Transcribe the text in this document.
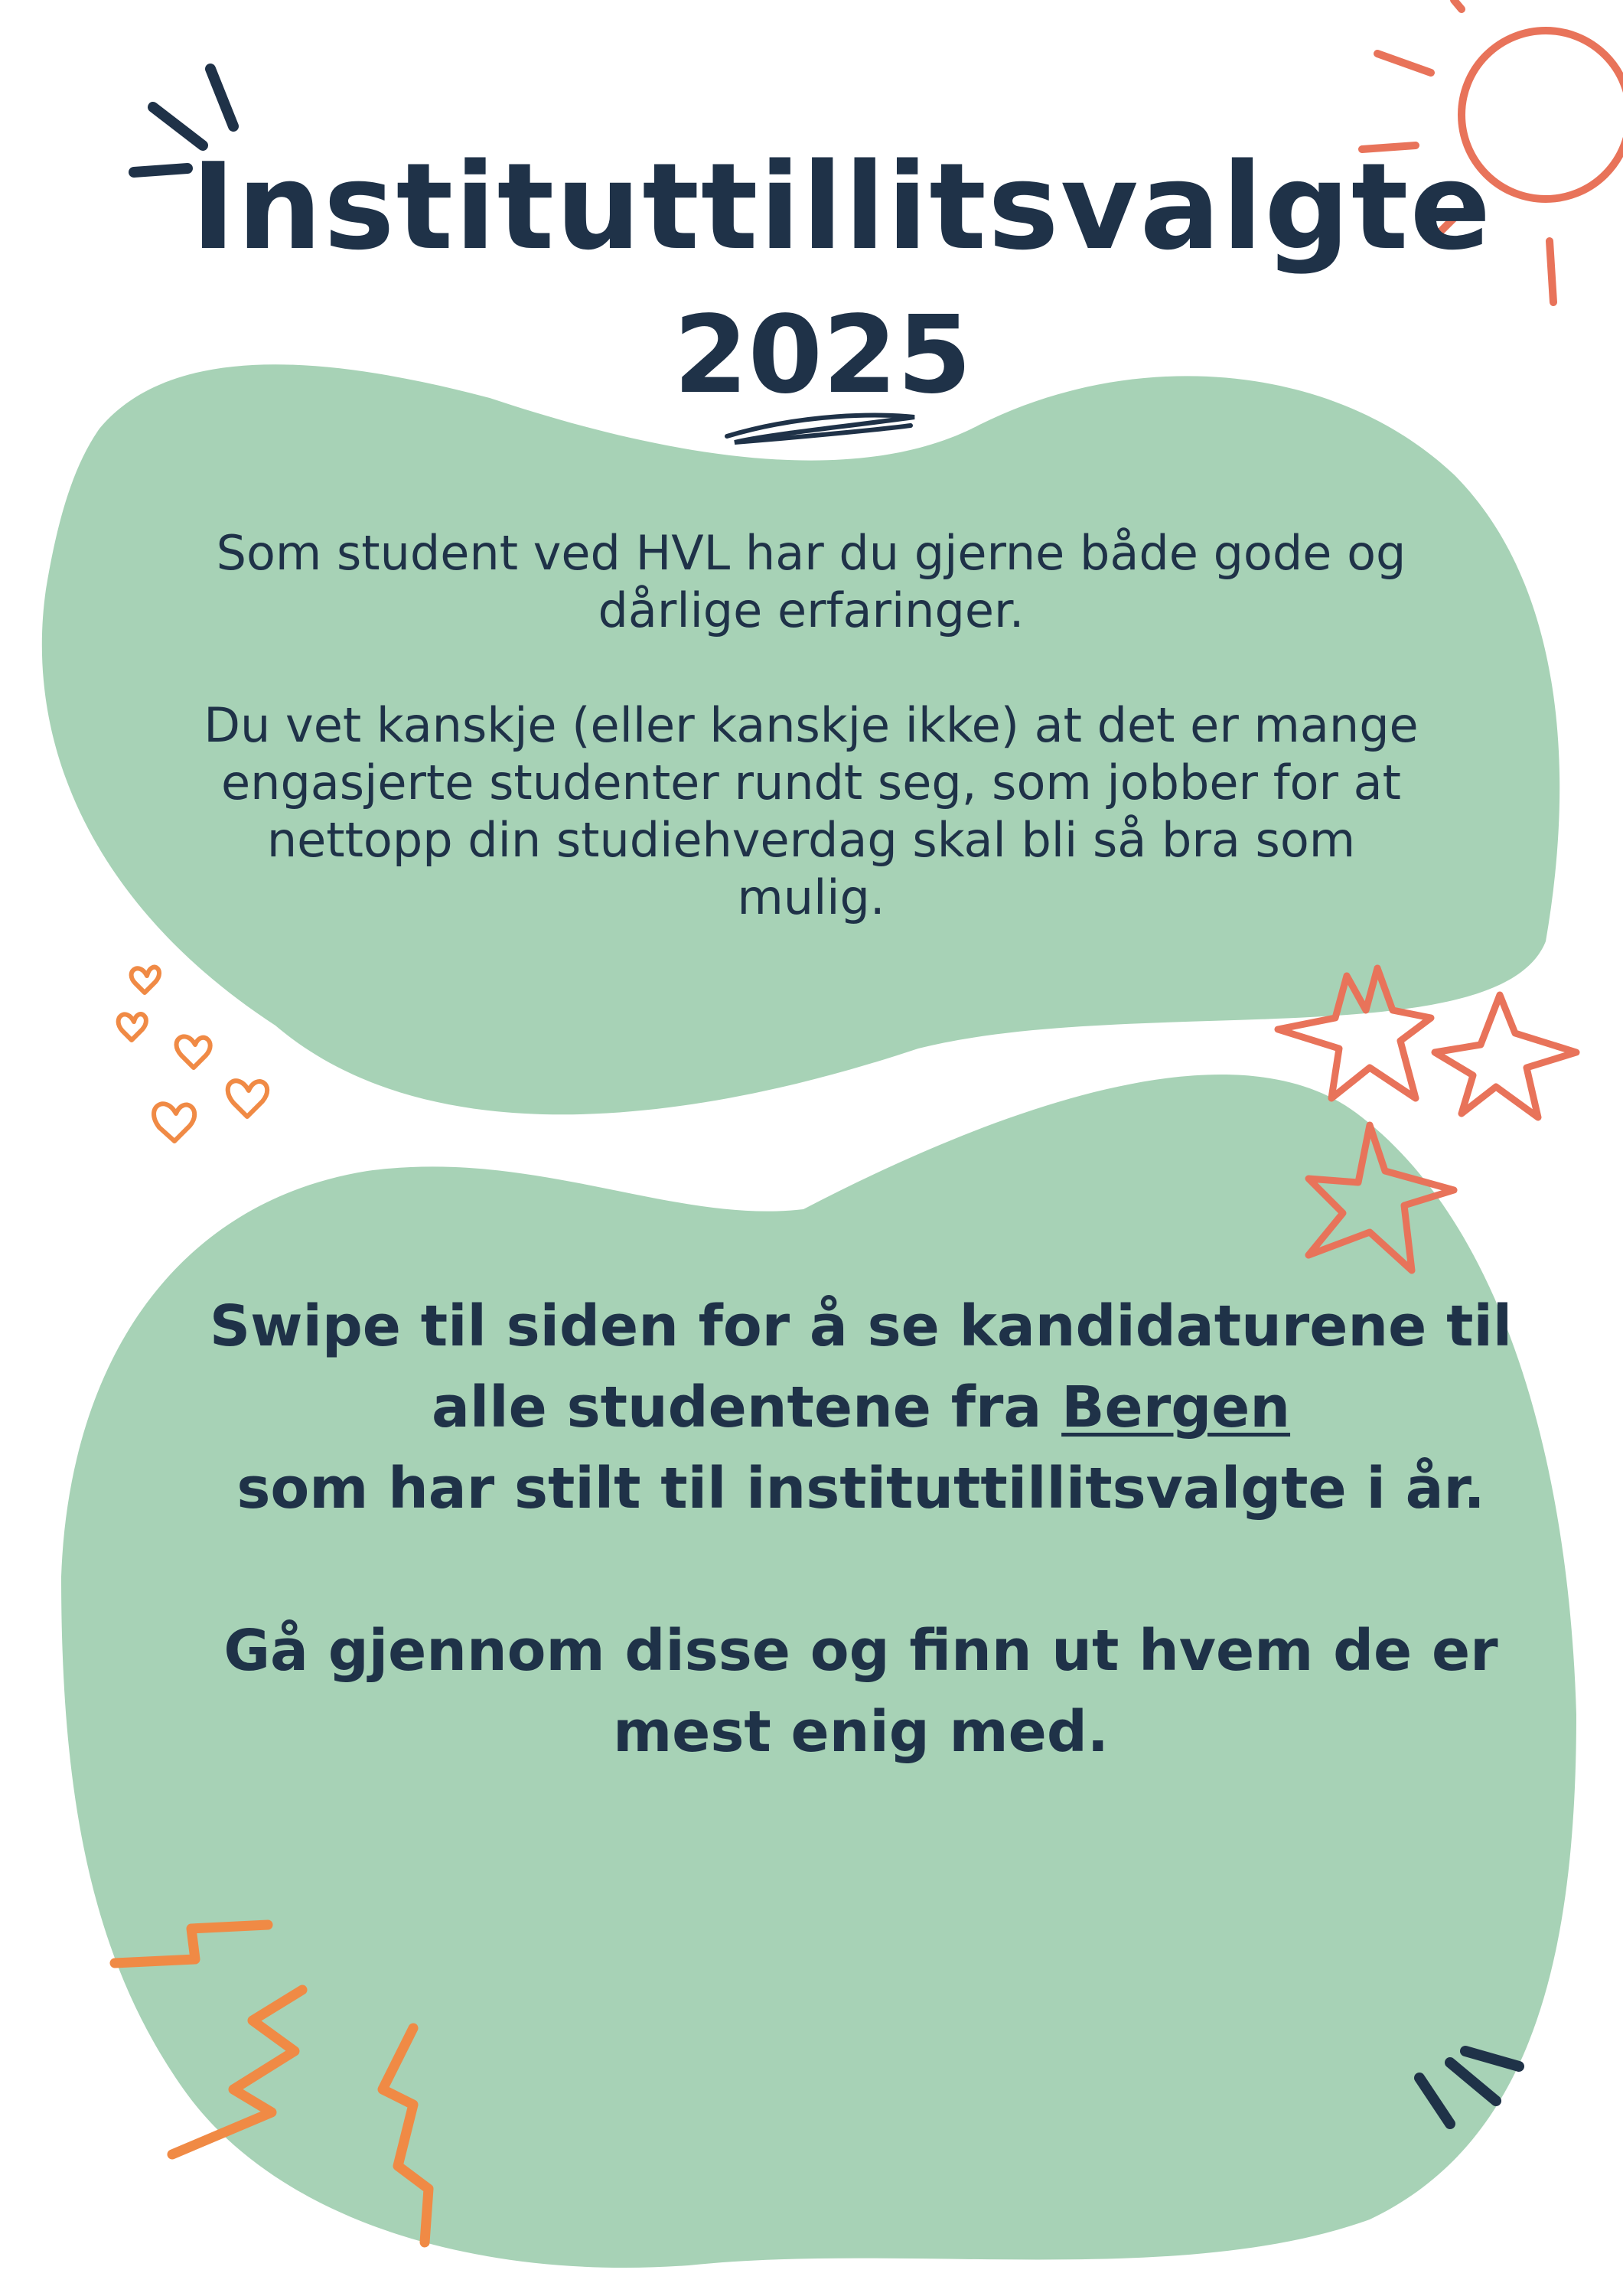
Instituttillitsvalgte
2025

Som student ved HVL har du gjerne både gode og dårlige erfaringer.

Du vet kanskje (eller kanskje ikke) at det er mange engasjerte studenter rundt seg, som jobber for at nettopp din studiehverdag skal bli så bra som mulig.

Swipe til siden for å se kandidaturene til alle studentene fra Bergen
som har stilt til instituttillitsvalgte i år.

Gå gjennom disse og finn ut hvem de er mest enig med.
